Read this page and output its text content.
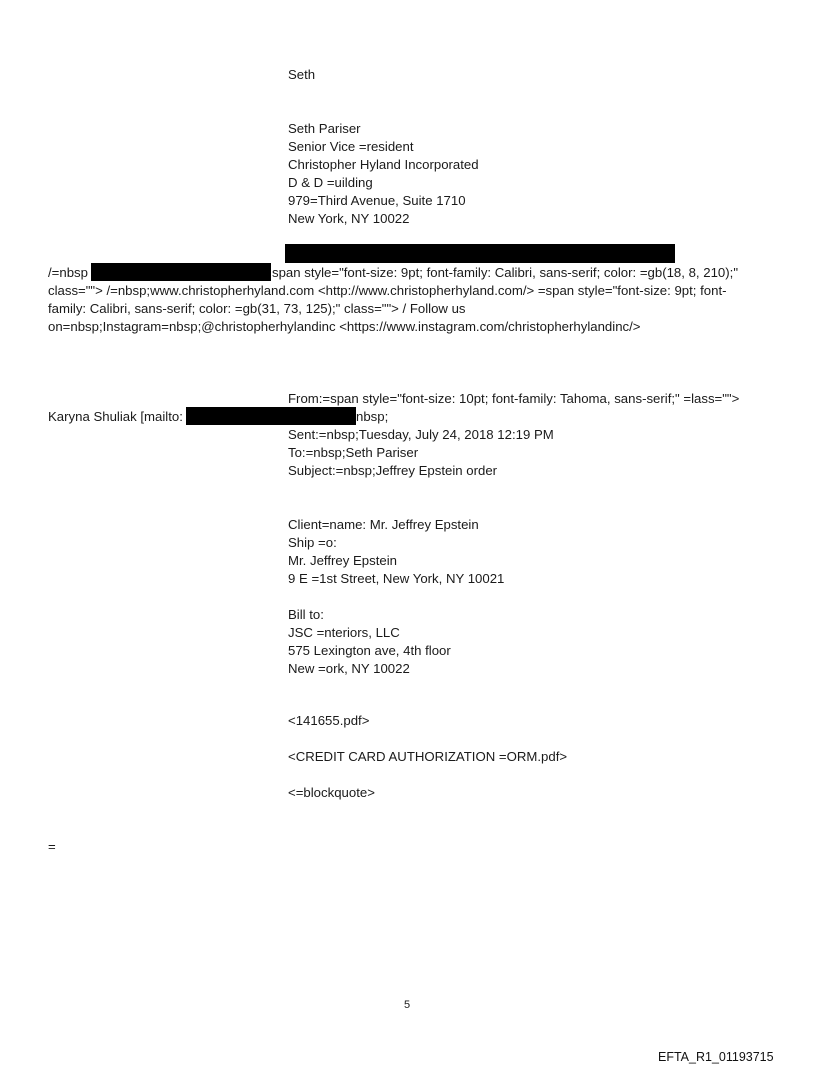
Seth
Seth Pariser
Senior Vice =resident
Christopher Hyland Incorporated
D & D =uilding
979=Third Avenue, Suite 1710
New York, NY 10022
/=nbsp	span style="font-size: 9pt; font-family: Calibri, sans-serif; color: =gb(18, 8, 210);"
class=""> /=nbsp;www.christopherhyland.com <http://www.christopherhyland.com/> =span style="font-size: 9pt; font-
family: Calibri, sans-serif; color: =gb(31, 73, 125);" class=""> / Follow us
on=nbsp;Instagram=nbsp;@christopherhylandinc <https://www.instagram.com/christopherhylandinc/>
From:=span style="font-size: 10pt; font-family: Tahoma, sans-serif;" =lass="">
Karyna Shuliak [mailto:	nbsp;
Sent:=nbsp;Tuesday, July 24, 2018 12:19 PM
To:=nbsp;Seth Pariser
Subject:=nbsp;Jeffrey Epstein order
Client=name: Mr. Jeffrey Epstein
Ship =o:
Mr. Jeffrey Epstein
9 E =1st Street, New York, NY 10021
Bill to:
JSC =nteriors, LLC
575 Lexington ave, 4th floor
New =ork, NY 10022
<141655.pdf>
<CREDIT CARD AUTHORIZATION =ORM.pdf>
<=blockquote>
=
5
EFTA_R1_01193715
